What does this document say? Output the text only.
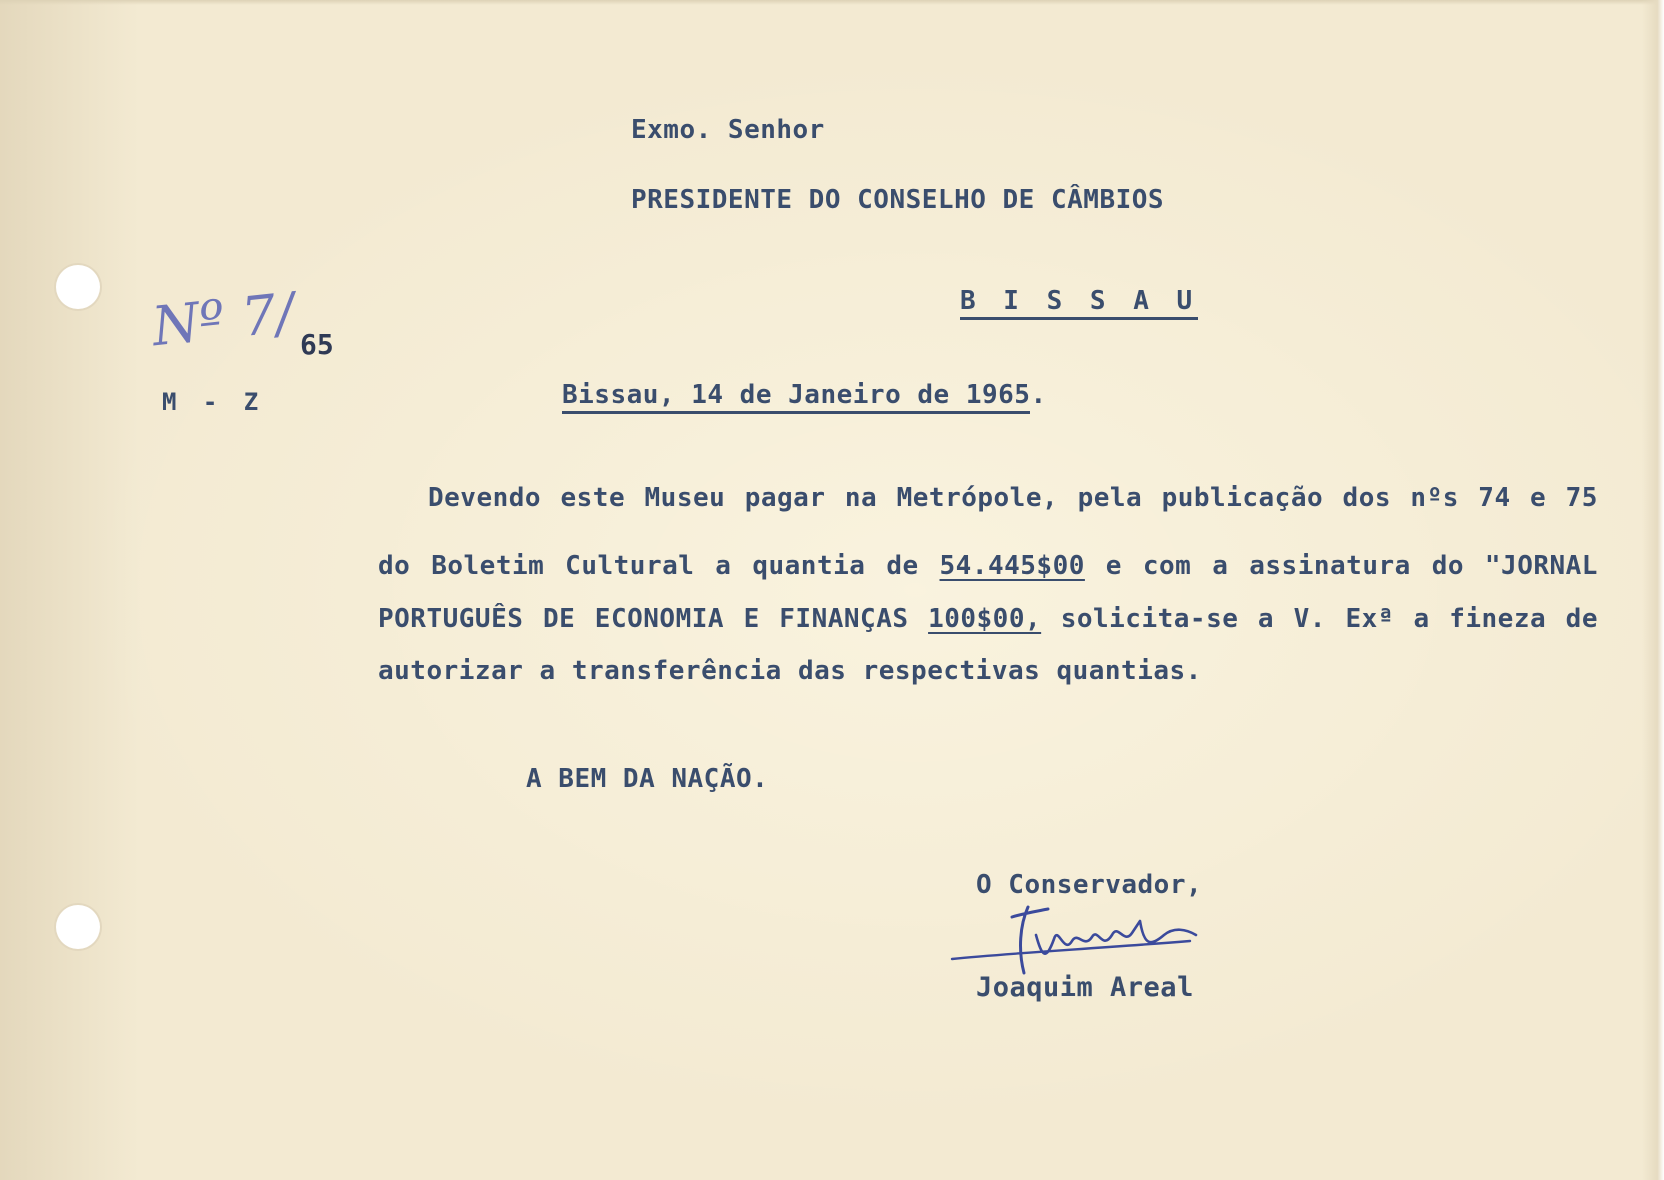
Exmo. Senhor
PRESIDENTE DO CONSELHO DE CÂMBIOS
B I S S A U
Nº 7/ 65
M - Z	Bissau, 14 de Janeiro de 1965.
Devendo este Museu pagar na Metrópole, pela publicação dos nºs 74 e 75
do Boletim Cultural a quantia de 54.445$00 e com a assinatura do "JORNAL
PORTUGUÊS DE ECONOMIA E FINANÇAS 100$00, solicita-se a V. Exª a fineza de
autorizar a transferência das respectivas quantias.
A BEM DA NAÇÃO.
O Conservador,
Joaquim Areal
